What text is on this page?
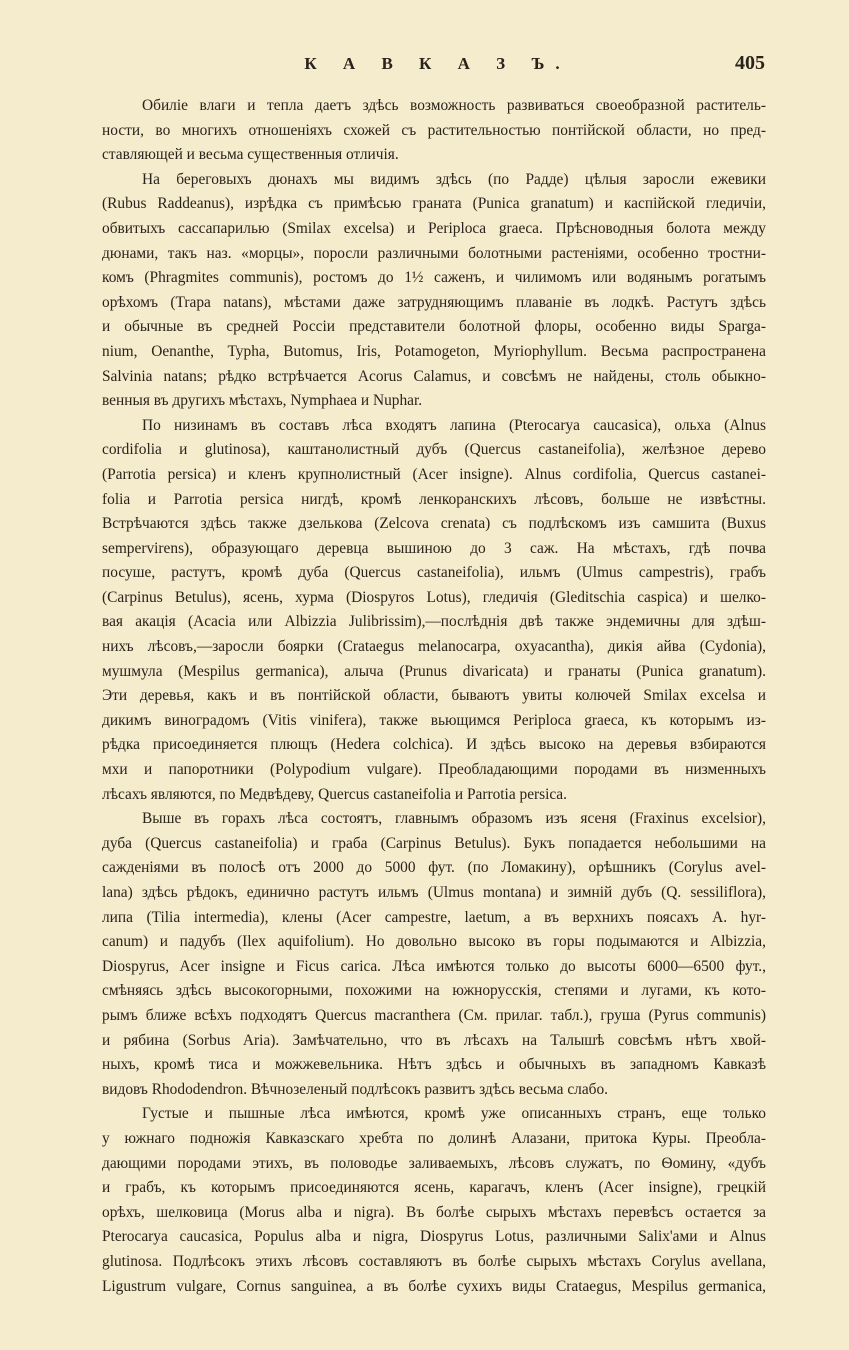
К А В К А З Ъ.	405
Обиліе влаги и тепла даетъ здѣсь возможность развиваться своеобразной раститель-
ности, во многихъ отношеніяхъ схожей съ растительностью понтійской области, но пред-
ставляющей и весьма существенныя отличія.
На береговыхъ дюнахъ мы видимъ здѣсь (по Радде) цѣлыя заросли ежевики
(Rubus Raddeanus), изрѣдка съ примѣсью граната (Punica granatum) и каспійской гледичіи,
обвитыхъ сассапарилью (Smilax excelsa) и Periploca graeca. Прѣсноводныя болота между
дюнами, такъ наз. «морцы», поросли различными болотными растеніями, особенно тростни-
комъ (Phragmites communis), ростомъ до 1½ саженъ, и чилимомъ или водянымъ рогатымъ
орѣхомъ (Trapa natans), мѣстами даже затрудняющимъ плаваніе въ лодкѣ. Растутъ здѣсь
и обычные въ средней Россіи представители болотной флоры, особенно виды Sparga-
nium, Oenanthe, Typha, Butomus, Iris, Potamogeton, Myriophyllum. Весьма распространена
Salvinia natans; рѣдко встрѣчается Acorus Calamus, и совсѣмъ не найдены, столь обыкно-
венныя въ другихъ мѣстахъ, Nymphaea и Nuphar.
По низинамъ въ составъ лѣса входятъ лапина (Pterocarya caucasica), ольха (Alnus
cordifolia и glutinosa), каштанолистный дубъ (Quercus castaneifolia), желѣзное дерево
(Parrotia persica) и кленъ крупнолистный (Acer insigne). Alnus cordifolia, Quercus castanei-
folia и Parrotia persica нигдѣ, кромѣ ленкоранскихъ лѣсовъ, больше не извѣстны.
Встрѣчаются здѣсь также дзелькова (Zelcova crenata) съ подлѣскомъ изъ самшита (Buxus
sempervirens), образующаго деревца вышиною до 3 саж. На мѣстахъ, гдѣ почва
посуше, растутъ, кромѣ дуба (Quercus castaneifolia), ильмъ (Ulmus campestris), грабъ
(Carpinus Betulus), ясень, хурма (Diospyros Lotus), гледичія (Gleditschia caspica) и шелко-
вая акація (Acacia или Albizzia Julibrissim),—послѣднія двѣ также эндемичны для здѣш-
нихъ лѣсовъ,—заросли боярки (Crataegus melanocarpa, oxyacantha), дикія айва (Cydonia),
мушмула (Mespilus germanica), алыча (Prunus divaricata) и гранаты (Punica granatum).
Эти деревья, какъ и въ понтійской области, бываютъ увиты колючей Smilax excelsa и
дикимъ виноградомъ (Vitis vinifera), также вьющимся Periploca graeca, къ которымъ из-
рѣдка присоединяется плющъ (Hedera colchica). И здѣсь высоко на деревья взбираются
мхи и папоротники (Polypodium vulgare). Преобладающими породами въ низменныхъ
лѣсахъ являются, по Медвѣдеву, Quercus castaneifolia и Parrotia persica.
Выше въ горахъ лѣса состоятъ, главнымъ образомъ изъ ясеня (Fraxinus excelsior),
дуба (Quercus castaneifolia) и граба (Carpinus Betulus). Букъ попадается небольшими на
сажденіями въ полосѣ отъ 2000 до 5000 фут. (по Ломакину), орѣшникъ (Corylus avel-
lana) здѣсь рѣдокъ, единично растутъ ильмъ (Ulmus montana) и зимній дубъ (Q. sessiliflora),
липа (Tilia intermedia), клены (Acer campestre, laetum, а въ верхнихъ поясахъ A. hyr-
canum) и падубъ (Ilex aquifolium). Но довольно высоко въ горы подымаются и Albizzia,
Diospyrus, Acer insigne и Ficus carica. Лѣса имѣются только до высоты 6000—6500 фут.,
смѣняясь здѣсь высокогорными, похожими на южнорусскія, степями и лугами, къ кото-
рымъ ближе всѣхъ подходятъ Quercus macranthera (См. прилаг. табл.), груша (Pyrus communis)
и рябина (Sorbus Aria). Замѣчательно, что въ лѣсахъ на Талышѣ совсѣмъ нѣтъ хвой-
ныхъ, кромѣ тиса и можжевельника. Нѣтъ здѣсь и обычныхъ въ западномъ Кавказѣ
видовъ Rhododendron. Вѣчнозеленый подлѣсокъ развитъ здѣсь весьма слабо.
Густые и пышные лѣса имѣются, кромѣ уже описанныхъ странъ, еще только
у южнаго подножія Кавказскаго хребта по долинѣ Алазани, притока Куры. Преобла-
дающими породами этихъ, въ половодье заливаемыхъ, лѣсовъ служатъ, по Ѳомину, «дубъ
и грабъ, къ которымъ присоединяются ясень, карагачъ, кленъ (Acer insigne), грецкій
орѣхъ, шелковица (Morus alba и nigra). Въ болѣе сырыхъ мѣстахъ перевѣсъ остается за
Pterocarya caucasica, Populus alba и nigra, Diospyrus Lotus, различными Salix'ами и Alnus
glutinosa. Подлѣсокъ этихъ лѣсовъ составляютъ въ болѣе сырыхъ мѣстахъ Corylus avellana,
Ligustrum vulgare, Cornus sanguinea, а въ болѣе сухихъ виды Crataegus, Mespilus germanica,
